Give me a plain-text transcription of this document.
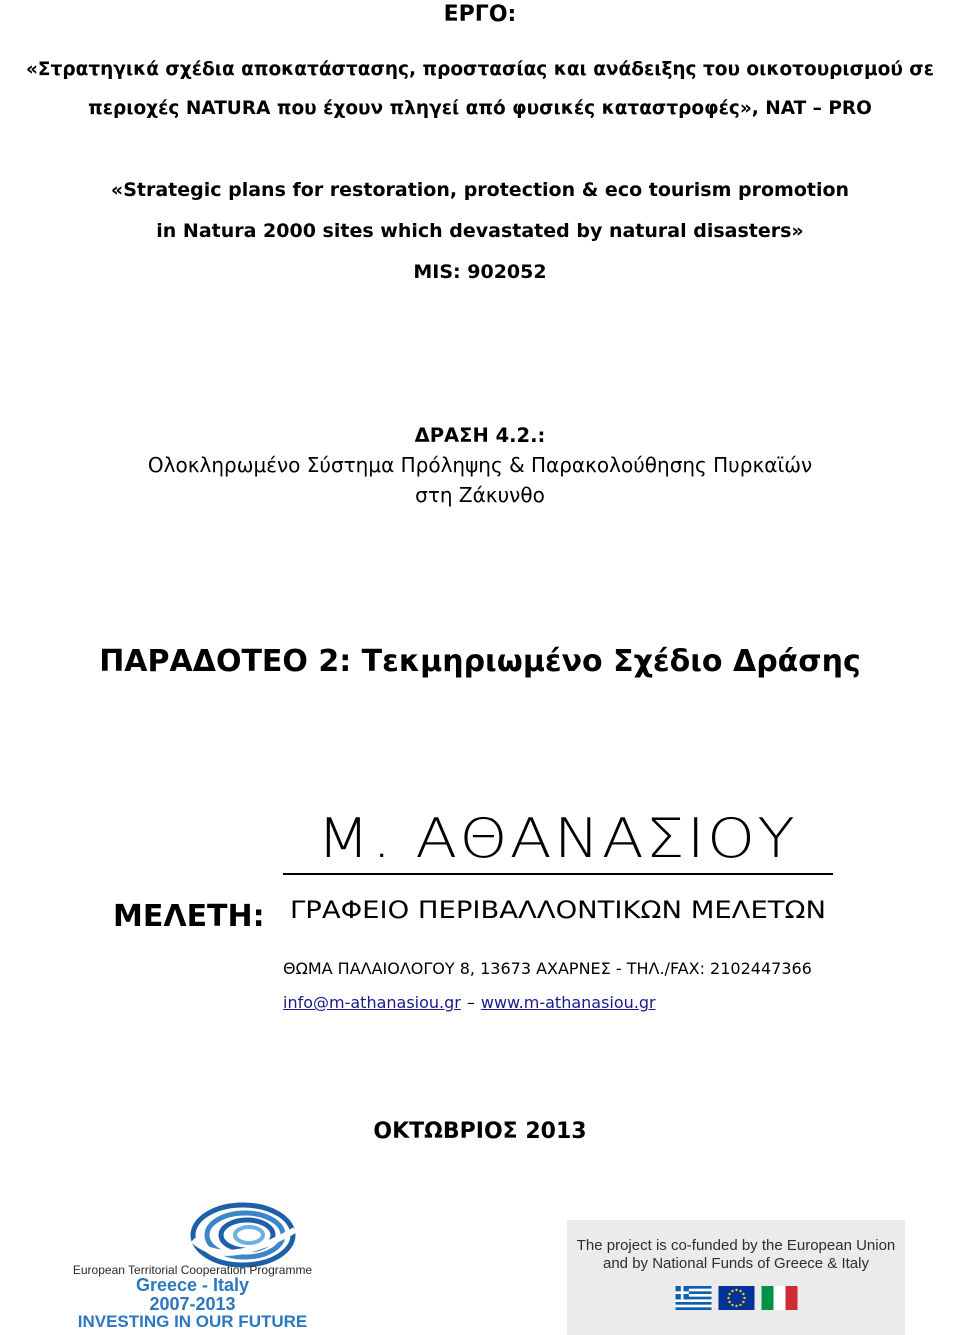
ΕΡΓΟ:
«Στρατηγικά σχέδια αποκατάστασης, προστασίας και ανάδειξης του οικοτουρισμού σε
περιοχές NATURA που έχουν πληγεί από φυσικές καταστροφές», NAT – PRO
«Strategic plans for restoration, protection & eco tourism promotion
in Natura 2000 sites which devastated by natural disasters»
MIS: 902052
ΔΡΑΣΗ 4.2.:
Ολοκληρωμένο Σύστημα Πρόληψης & Παρακολούθησης Πυρκαϊών
στη Ζάκυνθο
ΠΑΡΑΔΟΤΕΟ 2: Τεκμηριωμένο Σχέδιο Δράσης
Μ. ΑΘΑΝΑΣΙΟΥ
ΓΡΑΦΕΙΟ ΠΕΡΙΒΑΛΛΟΝΤΙΚΩΝ ΜΕΛΕΤΩΝ
ΜΕΛΕΤΗ:
ΘΩΜΑ ΠΑΛΑΙΟΛΟΓΟΥ 8, 13673 ΑΧΑΡΝΕΣ - ΤΗΛ./FAX: 2102447366
info@m-athanasiou.gr – www.m-athanasiou.gr
ΟΚΤΩΒΡΙΟΣ 2013
European Territorial Cooperation Programme
Greece - Italy
2007-2013
INVESTING IN OUR FUTURE
The project is co-funded by the European Union
and by National Funds of Greece & Italy
